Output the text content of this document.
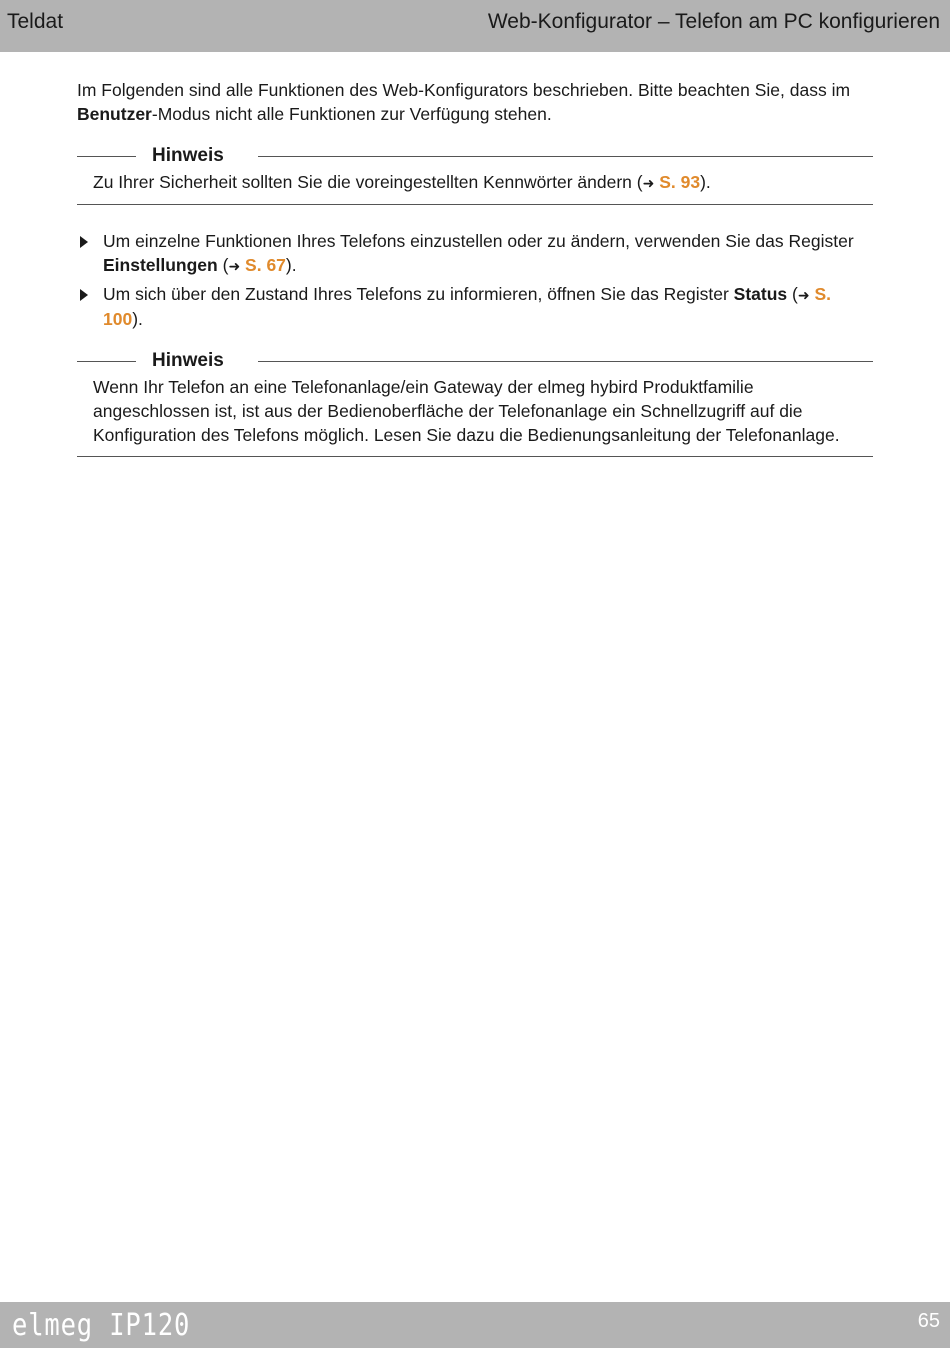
Teldat	Web-Konfigurator – Telefon am PC konfigurieren

Im Folgenden sind alle Funktionen des Web-Konfigurators beschrieben. Bitte beachten Sie, dass im Benutzer-Modus nicht alle Funktionen zur Verfügung stehen.

Hinweis
Zu Ihrer Sicherheit sollten Sie die voreingestellten Kennwörter ändern (➜ S. 93).
Um einzelne Funktionen Ihres Telefons einzustellen oder zu ändern, verwenden Sie das Register Einstellungen (➜ S. 67).
Um sich über den Zustand Ihres Telefons zu informieren, öffnen Sie das Register Status (➜ S. 100).
Hinweis
Wenn Ihr Telefon an eine Telefonanlage/ein Gateway der elmeg hybird Produktfamilie angeschlossen ist, ist aus der Bedienoberfläche der Telefonanlage ein Schnellzugriff auf die Konfiguration des Telefons möglich. Lesen Sie dazu die Bedienungsanleitung der Telefonanlage.
elmeg IP120	65
